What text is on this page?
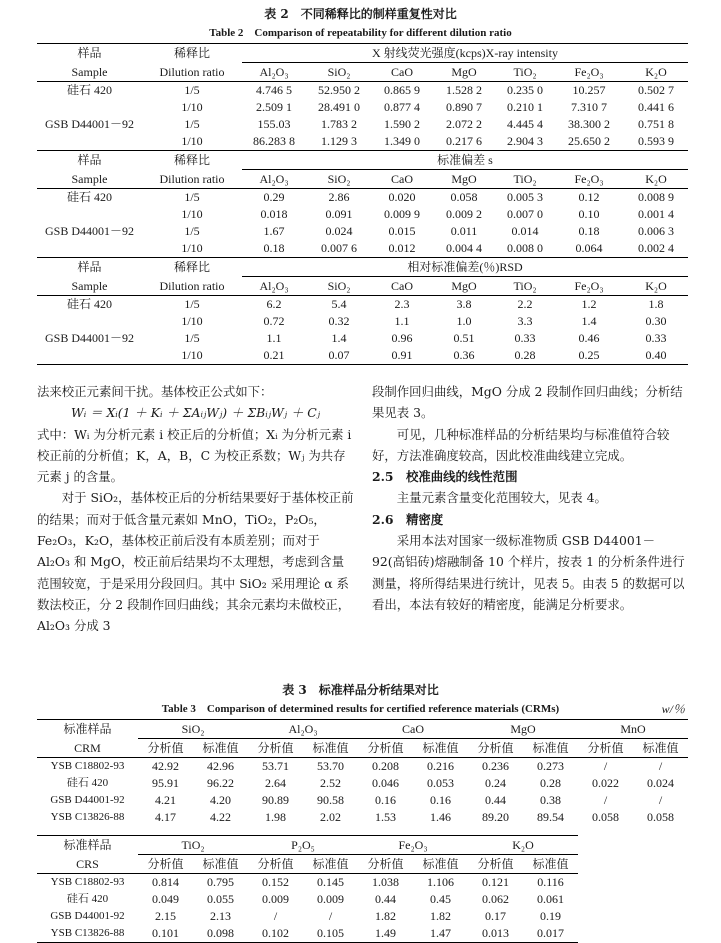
表 2　不同稀释比的制样重复性对比
Table 2　Comparison of repeatability for different dilution ratio
样品	稀释比	X 射线荧光强度(kcps)X-ray intensity						
Sample	Dilution ratio	Al₂O₃	SiO₂	CaO	MgO	TiO₂	Fe₂O₃	K₂O
硅石 420	1/5	4.746 5	52.950 2	0.865 9	1.528 2	0.235 0	10.257	0.502 7
	1/10	2.509 1	28.491 0	0.877 4	0.890 7	0.210 1	7.310 7	0.441 6
GSB D44001－92	1/5	155.03	1.783 2	1.590 2	2.072 2	4.445 4	38.300 2	0.751 8
	1/10	86.283 8	1.129 3	1.349 0	0.217 6	2.904 3	25.650 2	0.593 9
样品	稀释比	标准偏差 s						
Sample	Dilution ratio	Al₂O₃	SiO₂	CaO	MgO	TiO₂	Fe₂O₃	K₂O
硅石 420	1/5	0.29	2.86	0.020	0.058	0.005 3	0.12	0.008 9
	1/10	0.018	0.091	0.009 9	0.009 2	0.007 0	0.10	0.001 4
GSB D44001－92	1/5	1.67	0.024	0.015	0.011	0.014	0.18	0.006 3
	1/10	0.18	0.007 6	0.012	0.004 4	0.008 0	0.064	0.002 4
样品	稀释比	相对标准偏差(％)RSD						
Sample	Dilution ratio	Al₂O₃	SiO₂	CaO	MgO	TiO₂	Fe₂O₃	K₂O
硅石 420	1/5	6.2	5.4	2.3	3.8	2.2	1.2	1.8
	1/10	0.72	0.32	1.1	1.0	3.3	1.4	0.30
GSB D44001－92	1/5	1.1	1.4	0.96	0.51	0.33	0.46	0.33
	1/10	0.21	0.07	0.91	0.36	0.28	0.25	0.40

法来校正元素间干扰。基体校正公式如下：

Wᵢ ＝ Xᵢ(1 ＋ Kᵢ ＋ ΣAᵢⱼWⱼ) ＋ ΣBᵢⱼWⱼ ＋ Cⱼ

式中：Wᵢ 为分析元素 i 校正后的分析值；Xᵢ 为分析元素 i 校正前的分析值；K，A，B，C 为校正系数；Wⱼ 为共存元素 j 的含量。

对于 SiO₂，基体校正后的分析结果要好于基体校正前的结果；而对于低含量元素如 MnO，TiO₂，P₂O₅，Fe₂O₃，K₂O，基体校正前后没有本质差别；而对于 Al₂O₃ 和 MgO，校正前后结果均不太理想，考虑到含量范围较宽，于是采用分段回归。其中 SiO₂ 采用理论 α 系数法校正，分 2 段制作回归曲线；其余元素均未做校正，Al₂O₃ 分成 3

段制作回归曲线，MgO 分成 2 段制作回归曲线；分析结果见表 3。

可见，几种标准样品的分析结果均与标准值符合较好，方法准确度较高，因此校准曲线建立完成。

2.5　校准曲线的线性范围

主量元素含量变化范围较大，见表 4。

2.6　精密度

采用本法对国家一级标准物质 GSB D44001－92(高铝砖)熔融制备 10 个样片，按表 1 的分析条件进行测量，将所得结果进行统计，见表 5。由表 5 的数据可以看出，本法有较好的精密度，能满足分析要求。

表 3　标准样品分析结果对比
Table 3　Comparison of determined results for certified reference materials (CRMs)	w/％
标准样品	SiO₂		Al₂O₃		CaO		MgO		MnO	
CRM	分析值	标准值	分析值	标准值	分析值	标准值	分析值	标准值	分析值	标准值
YSB C18802-93	42.92	42.96	53.71	53.70	0.208	0.216	0.236	0.273	/	/
硅石 420	95.91	96.22	2.64	2.52	0.046	0.053	0.24	0.28	0.022	0.024
GSB D44001-92	4.21	4.20	90.89	90.58	0.16	0.16	0.44	0.38	/	/
YSB C13826-88	4.17	4.22	1.98	2.02	1.53	1.46	89.20	89.54	0.058	0.058
标准样品	TiO₂		P₂O₅		Fe₂O₃		K₂O	
CRS	分析值	标准值	分析值	标准值	分析值	标准值	分析值	标准值
YSB C18802-93	0.814	0.795	0.152	0.145	1.038	1.106	0.121	0.116
硅石 420	0.049	0.055	0.009	0.009	0.44	0.45	0.062	0.061
GSB D44001-92	2.15	2.13	/	/	1.82	1.82	0.17	0.19
YSB C13826-88	0.101	0.098	0.102	0.105	1.49	1.47	0.013	0.017
